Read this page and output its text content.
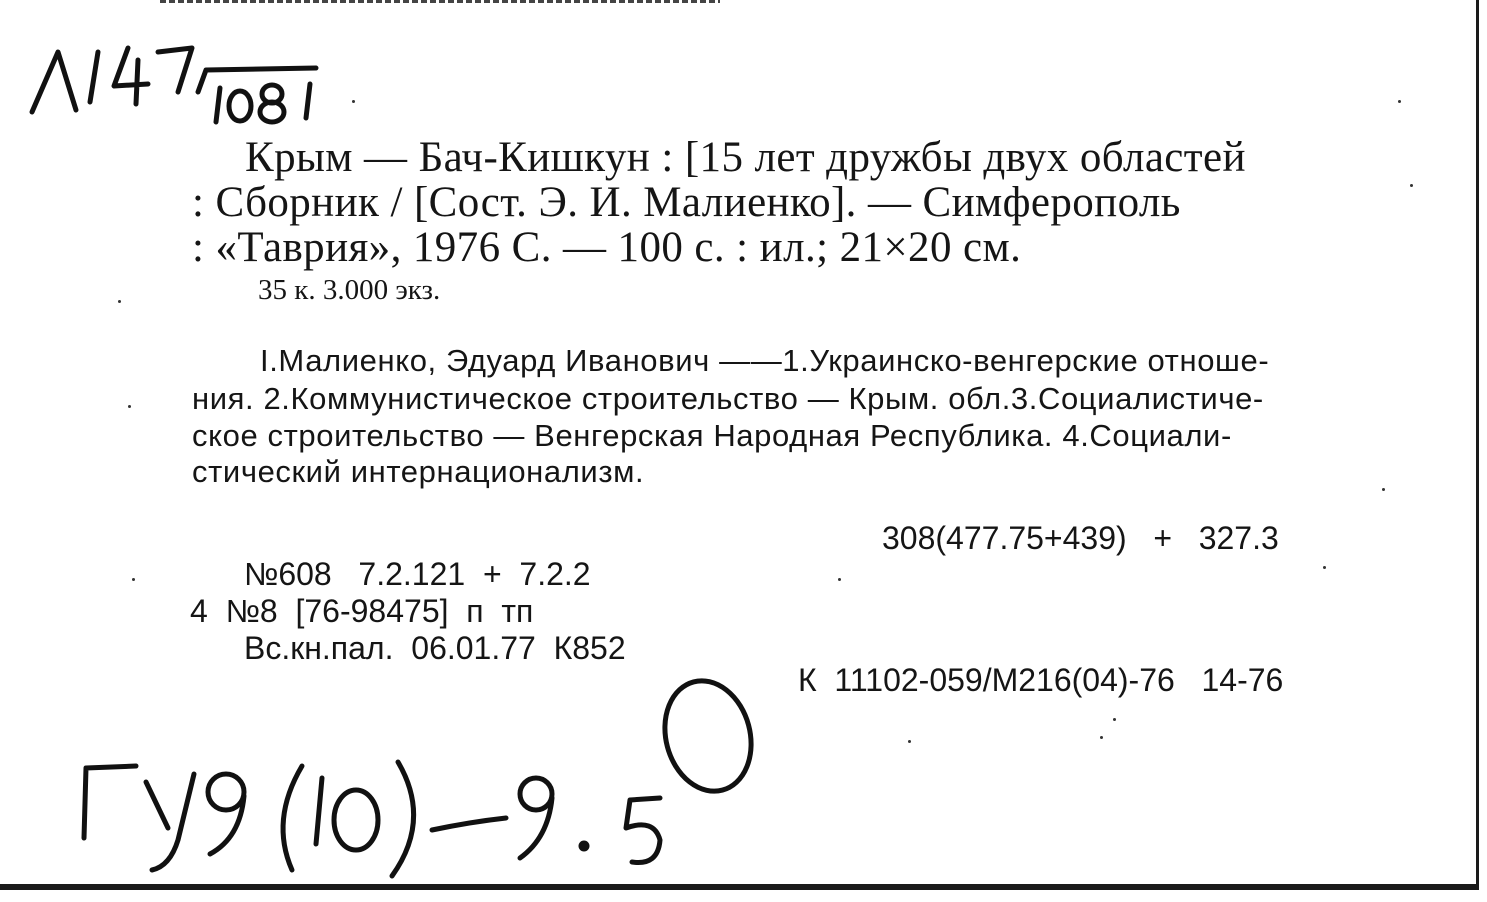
Крым — Бач-Кишкун : [15 лет дружбы двух областей
: Сборник / [Сост. Э. И. Малиенко]. — Симферополь
: «Таврия», 1976 С. — 100 с. : ил.; 21×20 см.
35 к. 3.000 экз.
I.Малиенко, Эдуард Иванович ——1.Украинско-венгерские отноше-
ния. 2.Коммунистическое строительство — Крым. обл.3.Социалистиче-
ское строительство — Венгерская Народная Республика. 4.Социали-
стический интернационализм.
308(477.75+439)   +   327.3
№608   7.2.121  +  7.2.2
4  №8  [76-98475]  п  тп
Вс.кн.пал.  06.01.77  К852
К  11102-059/М216(04)-76   14-76
